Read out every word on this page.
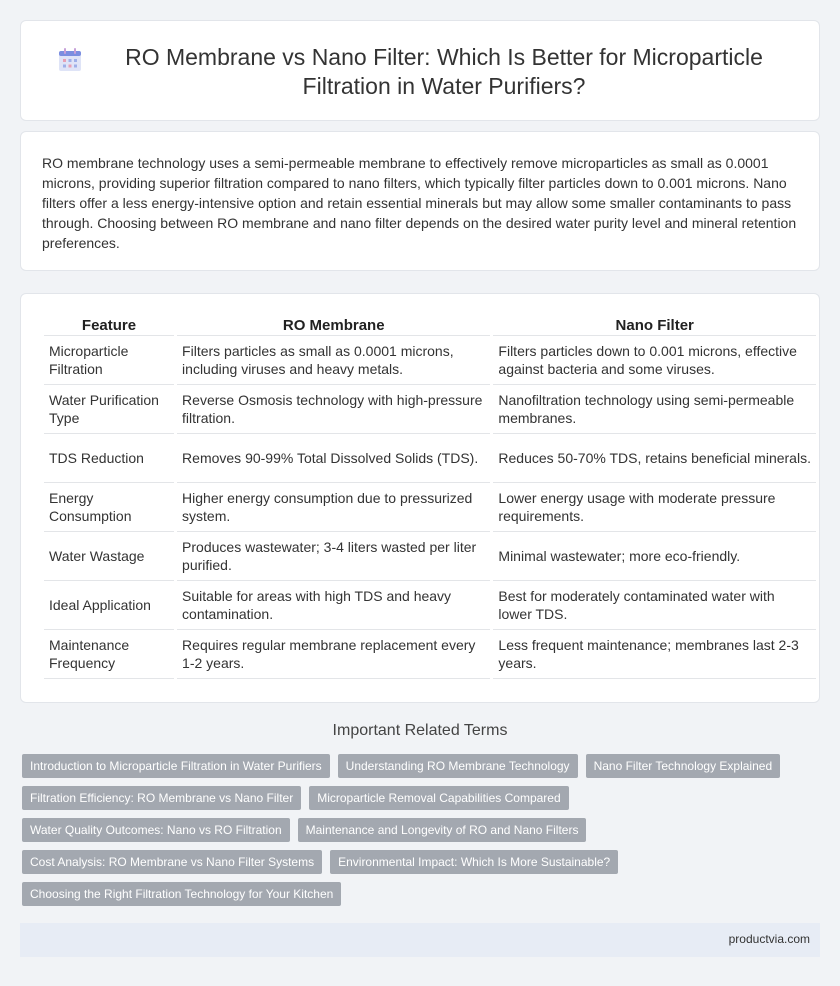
RO Membrane vs Nano Filter: Which Is Better for Microparticle Filtration in Water Purifiers?

RO membrane technology uses a semi-permeable membrane to effectively remove microparticles as small as 0.0001 microns, providing superior filtration compared to nano filters, which typically filter particles down to 0.001 microns. Nano filters offer a less energy-intensive option and retain essential minerals but may allow some smaller contaminants to pass through. Choosing between RO membrane and nano filter depends on the desired water purity level and mineral retention preferences.

Feature	RO Membrane	Nano Filter
Microparticle Filtration	Filters particles as small as 0.0001 microns, including viruses and heavy metals.	Filters particles down to 0.001 microns, effective against bacteria and some viruses.
Water Purification Type	Reverse Osmosis technology with high-pressure filtration.	Nanofiltration technology using semi-permeable membranes.
TDS Reduction	Removes 90-99% Total Dissolved Solids (TDS).	Reduces 50-70% TDS, retains beneficial minerals.
Energy Consumption	Higher energy consumption due to pressurized system.	Lower energy usage with moderate pressure requirements.
Water Wastage	Produces wastewater; 3-4 liters wasted per liter purified.	Minimal wastewater; more eco-friendly.
Ideal Application	Suitable for areas with high TDS and heavy contamination.	Best for moderately contaminated water with lower TDS.
Maintenance Frequency	Requires regular membrane replacement every 1-2 years.	Less frequent maintenance; membranes last 2-3 years.
Important Related Terms
Introduction to Microparticle Filtration in Water Purifiers	Understanding RO Membrane Technology	Nano Filter Technology Explained
Filtration Efficiency: RO Membrane vs Nano Filter	Microparticle Removal Capabilities Compared
Water Quality Outcomes: Nano vs RO Filtration	Maintenance and Longevity of RO and Nano Filters
Cost Analysis: RO Membrane vs Nano Filter Systems	Environmental Impact: Which Is More Sustainable?
Choosing the Right Filtration Technology for Your Kitchen
productvia.com
